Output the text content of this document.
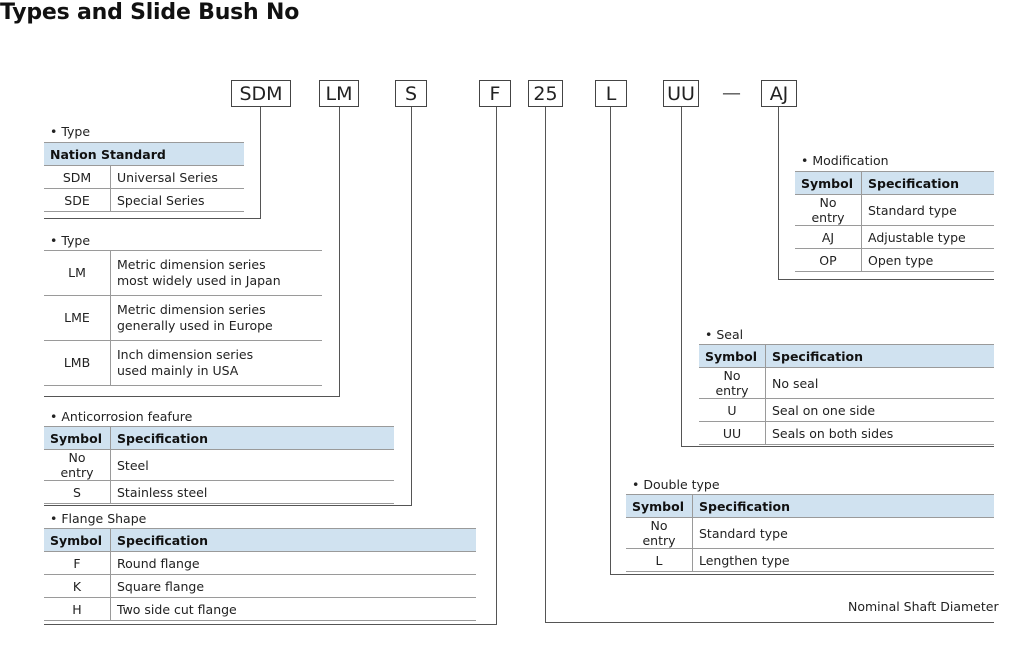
Types and Slide Bush No
SDM	LM	S	F	25	L	UU —	AJ
• Type
Nation Standard	
SDM	Universal Series
SDE	Special Series
• Type
LM	Metric dimension series
most widely used in Japan

LME	Metric dimension series
generally used in Europe

LMB	Inch dimension series
used mainly in USA
• Anticorrosion feafure
Symbol	Specification
No entry	Steel
S	Stainless steel
• Flange Shape
Symbol	Specification
F	Round flange
K	Square flange
H	Two side cut flange
• Modification
Symbol	Specification
No entry	Standard type
AJ	Adjustable type
OP	Open type
• Seal
Symbol	Specification
No entry	No seal
U	Seal on one side
UU	Seals on both sides
• Double type
Symbol	Specification
No entry	Standard type
L	Lengthen type
Nominal Shaft Diameter
